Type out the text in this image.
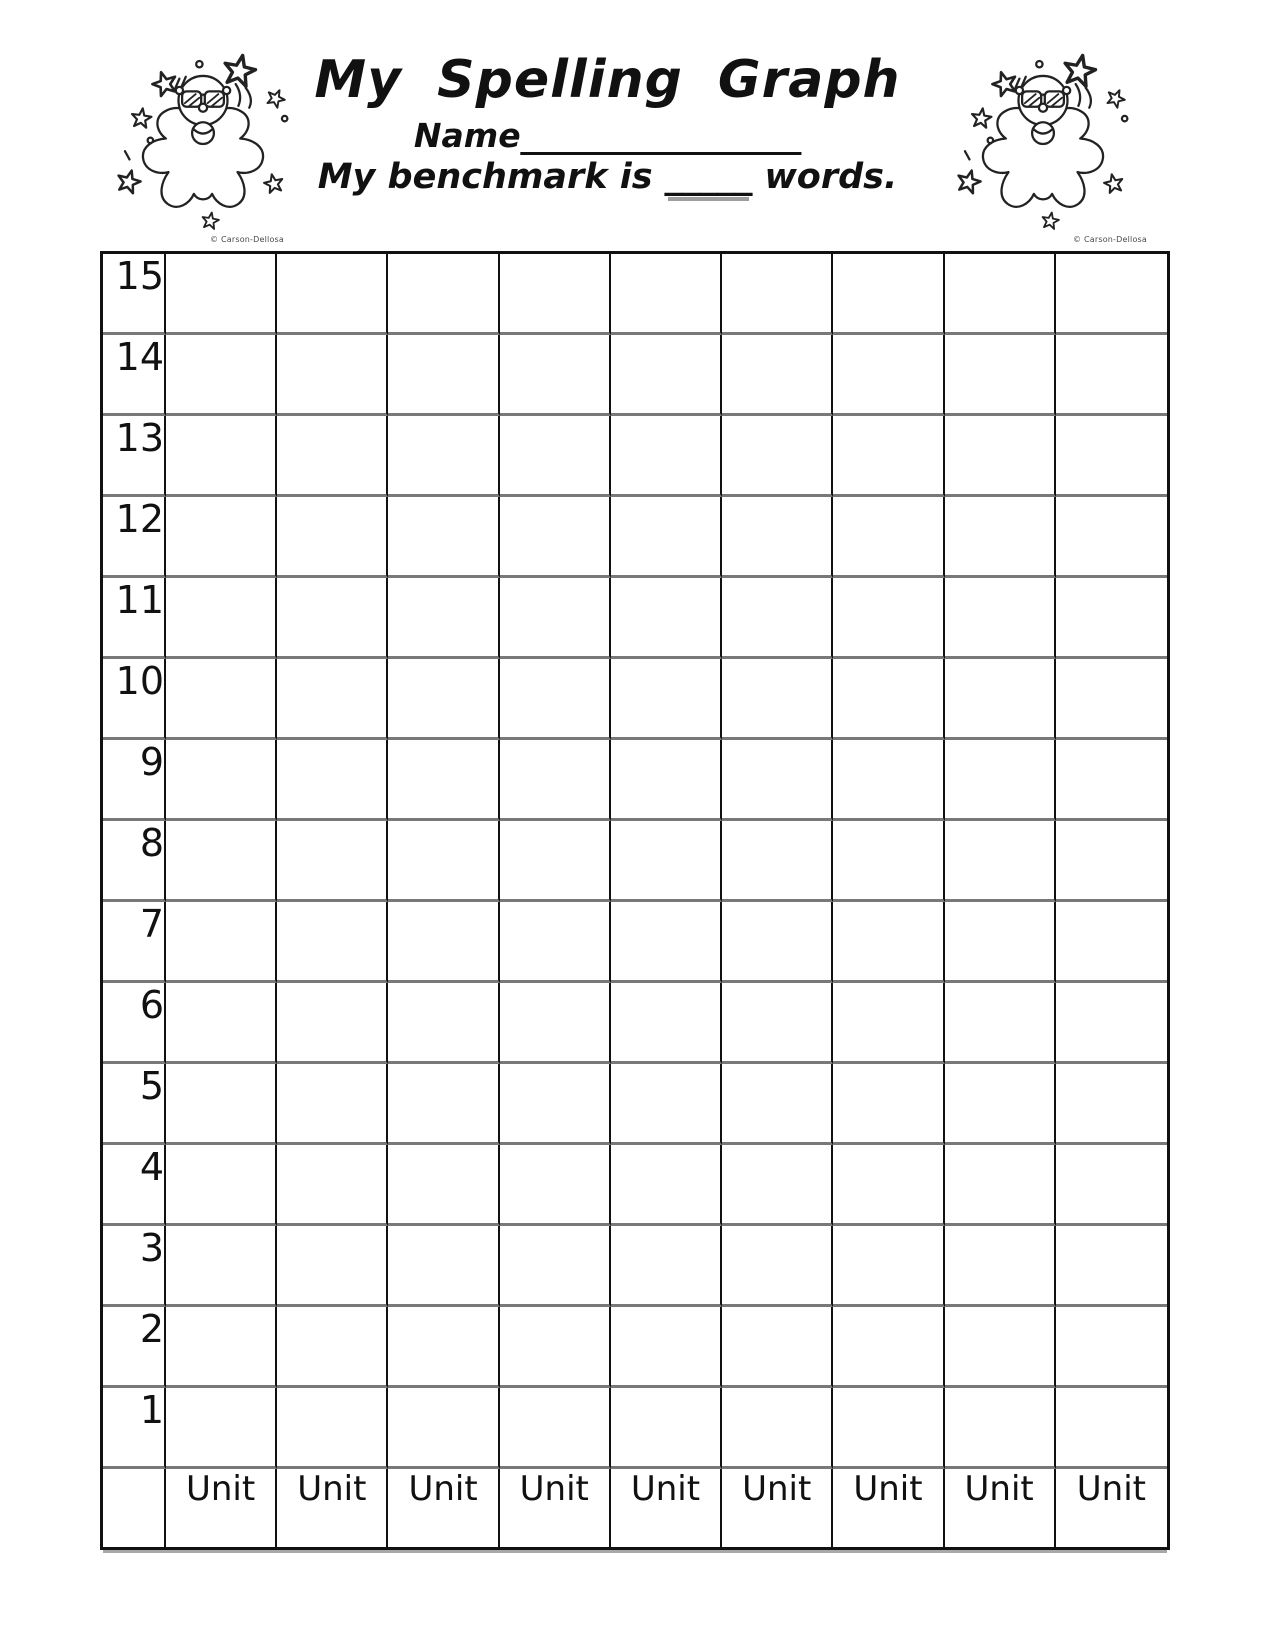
© Carson-Dellosa	© Carson-Dellosa
My Spelling Graph
Name_________________
My benchmark is _____ words.
15									
14									
13									
12									
11									
10									
9									
8									
7									
6									
5									
4									
3									
2									
1									
	Unit	Unit	Unit	Unit	Unit	Unit	Unit	Unit	Unit
